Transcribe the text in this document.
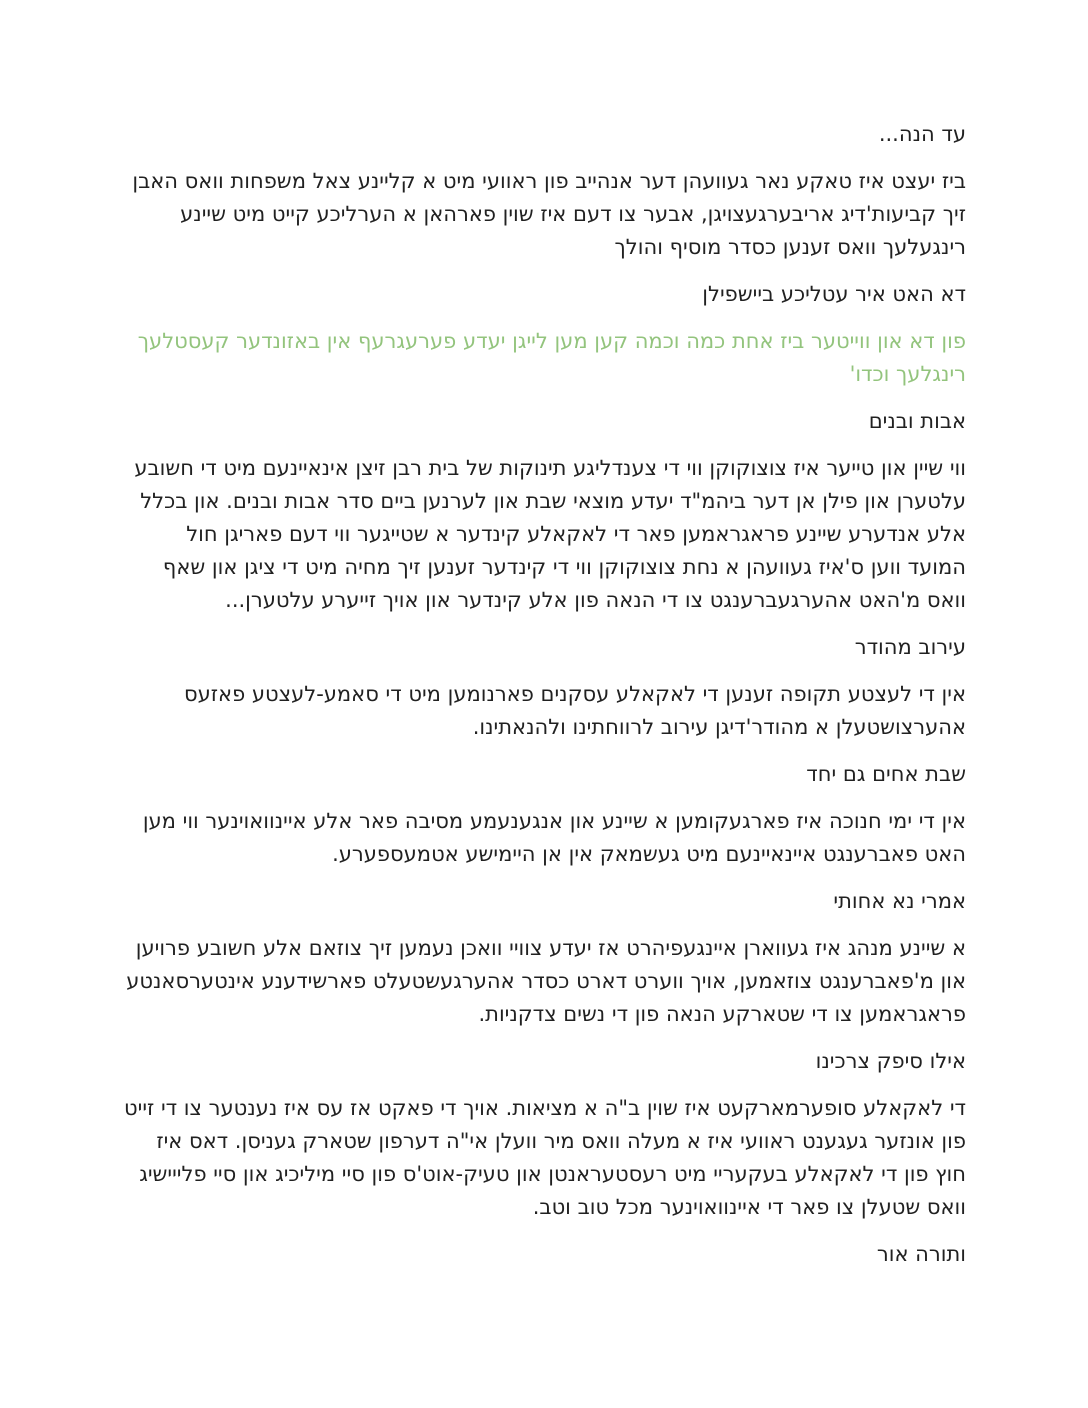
עד הנה...

ביז יעצט איז טאקע נאר געוועהן דער אנהייב פון ראוועי מיט א קליינע צאל משפחות וואס האבן זיך קביעות'דיג אריבערגעצויגן, אבער צו דעם איז שוין פארהאן א הערליכע קייט מיט שיינע רינגעלעך וואס זענען כסדר מוסיף והולך

דא האט איר עטליכע ביישפילן

פון דא און ווייטער ביז אחת כמה וכמה קען מען לייגן יעדע פערעגרעף אין באזונדער קעסטלעך רינגלעך וכדו'

אבות ובנים

ווי שיין און טייער איז צוצוקוקן ווי די צענדליגע תינוקות של בית רבן זיצן אינאיינעם מיט די חשובע עלטערן און פילן אן דער ביהמ"ד יעדע מוצאי שבת און לערנען ביים סדר אבות ובנים. און בכלל אלע אנדערע שיינע פראגראמען פאר די לאקאלע קינדער א שטייגער ווי דעם פאריגן חול המועד ווען ס'איז געוועהן א נחת צוצוקוקן ווי די קינדער זענען זיך מחיה מיט די ציגן און שאף וואס מ'האט אהערגעברענגט צו די הנאה פון אלע קינדער און אויך זייערע עלטערן...

עירוב מהודר

אין די לעצטע תקופה זענען די לאקאלע עסקנים פארנומען מיט די סאמע-לעצטע פאזעס אהערצושטעלן א מהודר'דיגן עירוב לרווחתינו ולהנאתינו.

שבת אחים גם יחד

אין די ימי חנוכה איז פארגעקומען א שיינע און אנגענעמע מסיבה פאר אלע איינוואוינער ווי מען האט פאברענגט איינאיינעם מיט געשמאק אין אן היימישע אטמעספערע.

אמרי נא אחותי

א שיינע מנהג איז געווארן איינגעפיהרט אז יעדע צוויי וואכן נעמען זיך צוזאם אלע חשובע פרויען און מ'פאברענגט צוזאמען, אויך ווערט דארט כסדר אהערגעשטעלט פארשידענע אינטערסאנטע פראגראמען צו די שטארקע הנאה פון די נשים צדקניות.

אילו סיפק צרכינו

די לאקאלע סופערמארקעט איז שוין ב"ה א מציאות. אויך די פאקט אז עס איז נענטער צו די זייט פון אונזער געגענט ראוועי איז א מעלה וואס מיר וועלן אי"ה דערפון שטארק געניסן. דאס איז חוץ פון די לאקאלע בעקעריי מיט רעסטעראנטן און טעיק-אוט'ס פון סיי מיליכיג און סיי פלייישיג וואס שטעלן צו פאר די איינוואוינער מכל טוב וטב.

ותורה אור
